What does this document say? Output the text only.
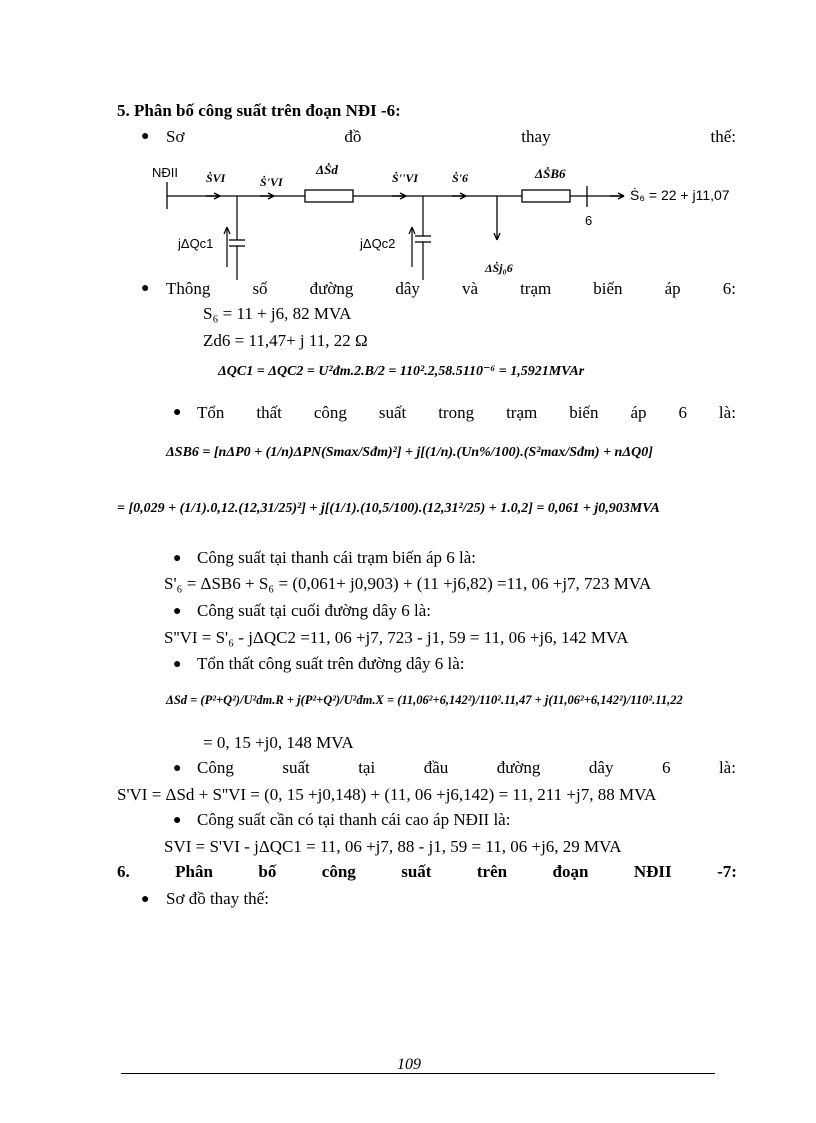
5. Phân bố công suất trên đoạn NĐI -6:
● Sơ	đồ	thay	thế:
NĐII
6
jΔQc1	jΔQc2
ΔṠj₀6
ṠVI	Ṡ'VI
ΔṠd
Ṡ''VI	Ṡ'6	ΔṠB6
Ṡ₆ = 22 + j11,07
● Thông số đường dây và trạm biến áp 6:
S₆ = 11 + j6, 82 MVA
Zd6 = 11,47+ j 11, 22 Ω
ΔQC1 = ΔQC2 = U²đm.2.B/2 = 110².2,58.5110⁻⁶ = 1,5921MVAr
● Tổn thất công suất trong trạm biến áp 6 là:
ΔSB6 = [nΔP0 + (1/n)ΔPN(Smax/Sđm)²] + j[(1/n).(Un%/100).(S²max/Sđm) + nΔQ0]
= [0,029 + (1/1).0,12.(12,31/25)²] + j[(1/1).(10,5/100).(12,31²/25) + 1.0,2] = 0,061 + j0,903MVA
● Công suất tại thanh cái trạm biến áp 6 là:
S'₆ = ΔSB6 + S₆ = (0,061+ j0,903) + (11 +j6,82) =11, 06 +j7, 723 MVA
● Công suất tại cuối đường dây 6 là:
S''VI = S'₆ - jΔQC2 =11, 06 +j7, 723 - j1, 59 = 11, 06 +j6, 142 MVA
● Tổn thất công suất trên đường dây 6 là:
ΔSd = (P²+Q²)/U²đm.R + j(P²+Q²)/U²đm.X = (11,06²+6,142²)/110².11,47 + j(11,06²+6,142²)/110².11,22
= 0, 15 +j0, 148 MVA
● Công	suất	tại	đầu	đường	dây	6	là:
S'VI = ΔSd + S''VI = (0, 15 +j0,148) + (11, 06 +j6,142) = 11, 211 +j7, 88 MVA
● Công suất cần có tại thanh cái cao áp NĐII là:
SVI = S'VI - jΔQC1 = 11, 06 +j7, 88 - j1, 59 = 11, 06 +j6, 29 MVA
6.	Phân	bố	công	suất	trên	đoạn	NĐII	-7:
● Sơ đồ thay thế:
109
